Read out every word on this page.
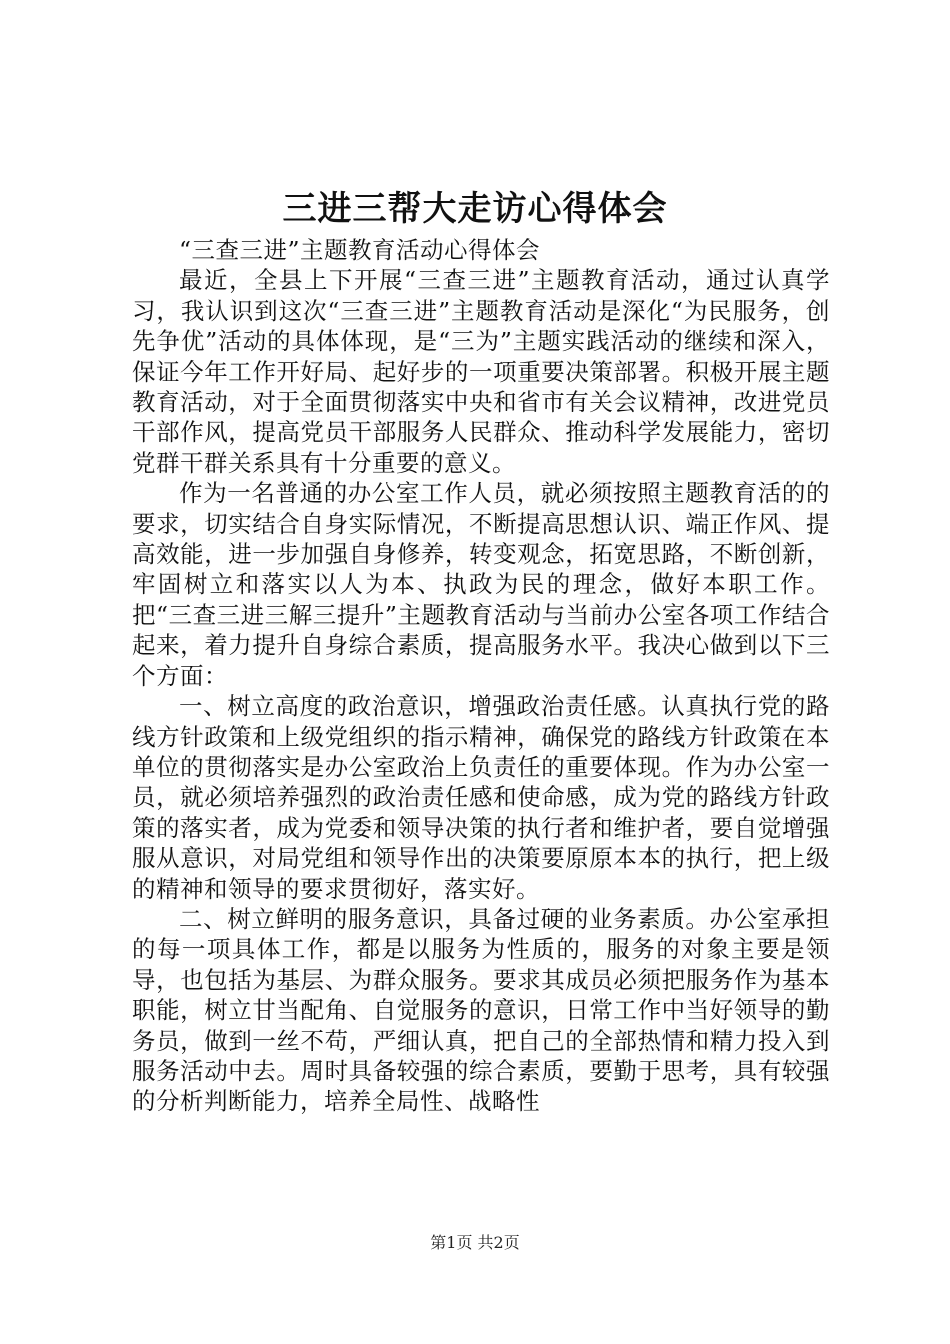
三进三帮大走访心得体会

“三查三进”主题教育活动心得体会

最近，全县上下开展“三查三进”主题教育活动，通过认真学习，我认识到这次“三查三进”主题教育活动是深化“为民服务，创先争优”活动的具体体现，是“三为”主题实践活动的继续和深入，保证今年工作开好局、起好步的一项重要决策部署。积极开展主题教育活动，对于全面贯彻落实中央和省市有关会议精神，改进党员干部作风，提高党员干部服务人民群众、推动科学发展能力，密切党群干群关系具有十分重要的意义。

作为一名普通的办公室工作人员，就必须按照主题教育活的的要求，切实结合自身实际情况，不断提高思想认识、端正作风、提高效能，进一步加强自身修养，转变观念，拓宽思路，不断创新，牢固树立和落实以人为本、执政为民的理念，做好本职工作。把“三查三进三解三提升”主题教育活动与当前办公室各项工作结合起来，着力提升自身综合素质，提高服务水平。我决心做到以下三个方面：

一、树立高度的政治意识，增强政治责任感。认真执行党的路线方针政策和上级党组织的指示精神，确保党的路线方针政策在本单位的贯彻落实是办公室政治上负责任的重要体现。作为办公室一员，就必须培养强烈的政治责任感和使命感，成为党的路线方针政策的落实者，成为党委和领导决策的执行者和维护者，要自觉增强服从意识，对局党组和领导作出的决策要原原本本的执行，把上级的精神和领导的要求贯彻好，落实好。

二、树立鲜明的服务意识，具备过硬的业务素质。办公室承担的每一项具体工作，都是以服务为性质的，服务的对象主要是领导，也包括为基层、为群众服务。要求其成员必须把服务作为基本职能，树立甘当配角、自觉服务的意识，日常工作中当好领导的勤务员，做到一丝不苟，严细认真，把自己的全部热情和精力投入到服务活动中去。周时具备较强的综合素质，要勤于思考，具有较强的分析判断能力，培养全局性、战略性

第1页 共2页
